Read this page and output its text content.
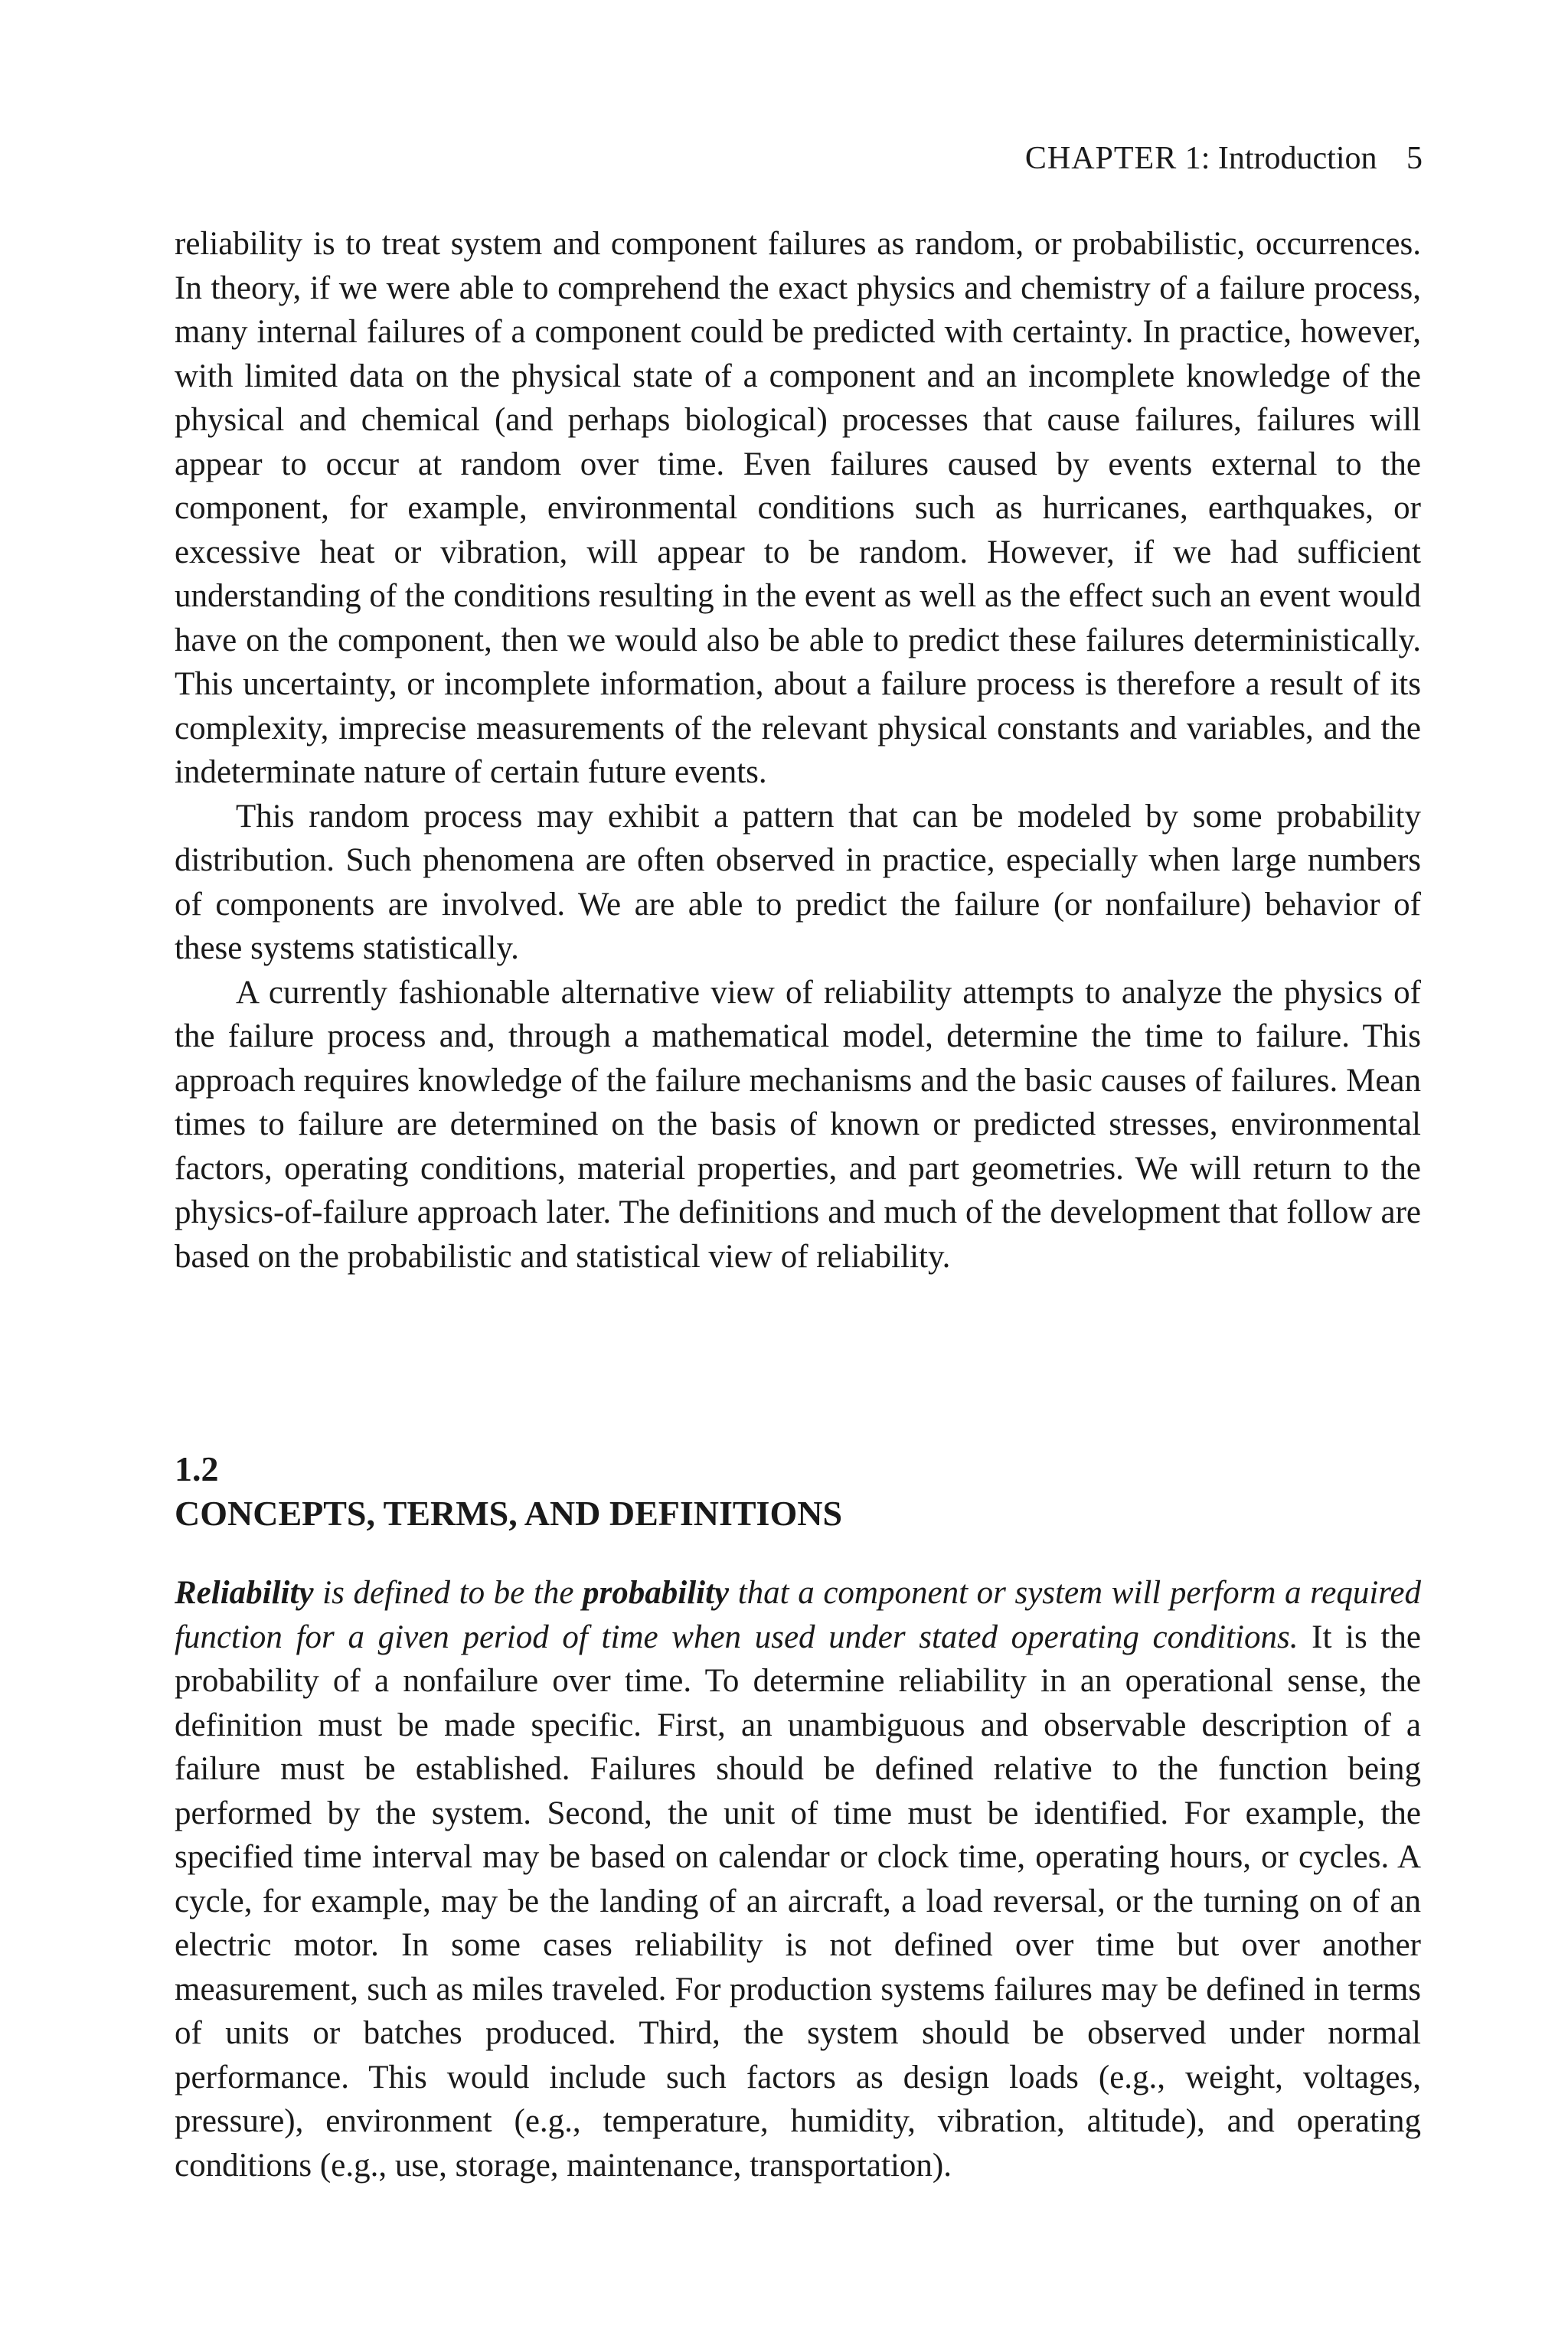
CHAPTER 1: Introduction 5

reliability is to treat system and component failures as random, or probabilistic, occurrences. In theory, if we were able to comprehend the exact physics and chemistry of a failure process, many internal failures of a component could be predicted with certainty. In practice, however, with limited data on the physical state of a component and an incomplete knowledge of the physical and chemical (and perhaps biological) processes that cause failures, failures will appear to occur at random over time. Even failures caused by events external to the component, for example, environmental conditions such as hurricanes, earthquakes, or excessive heat or vibration, will appear to be random. However, if we had sufficient understanding of the conditions resulting in the event as well as the effect such an event would have on the component, then we would also be able to predict these failures deterministically. This uncertainty, or incomplete information, about a failure process is therefore a result of its complexity, imprecise measurements of the relevant physical constants and variables, and the indeterminate nature of certain future events.

This random process may exhibit a pattern that can be modeled by some probability distribution. Such phenomena are often observed in practice, especially when large numbers of components are involved. We are able to predict the failure (or nonfailure) behavior of these systems statistically.

A currently fashionable alternative view of reliability attempts to analyze the physics of the failure process and, through a mathematical model, determine the time to failure. This approach requires knowledge of the failure mechanisms and the basic causes of failures. Mean times to failure are determined on the basis of known or predicted stresses, environmental factors, operating conditions, material properties, and part geometries. We will return to the physics-of-failure approach later. The definitions and much of the development that follow are based on the probabilistic and statistical view of reliability.

1.2
CONCEPTS, TERMS, AND DEFINITIONS

Reliability is defined to be the probability that a component or system will perform a required function for a given period of time when used under stated operating conditions. It is the probability of a nonfailure over time. To determine reliability in an operational sense, the definition must be made specific. First, an unambiguous and observable description of a failure must be established. Failures should be defined relative to the function being performed by the system. Second, the unit of time must be identified. For example, the specified time interval may be based on calendar or clock time, operating hours, or cycles. A cycle, for example, may be the landing of an aircraft, a load reversal, or the turning on of an electric motor. In some cases reliability is not defined over time but over another measurement, such as miles traveled. For production systems failures may be defined in terms of units or batches produced. Third, the system should be observed under normal performance. This would include such factors as design loads (e.g., weight, voltages, pressure), environment (e.g., temperature, humidity, vibration, altitude), and operating conditions (e.g., use, storage, maintenance, transportation).
